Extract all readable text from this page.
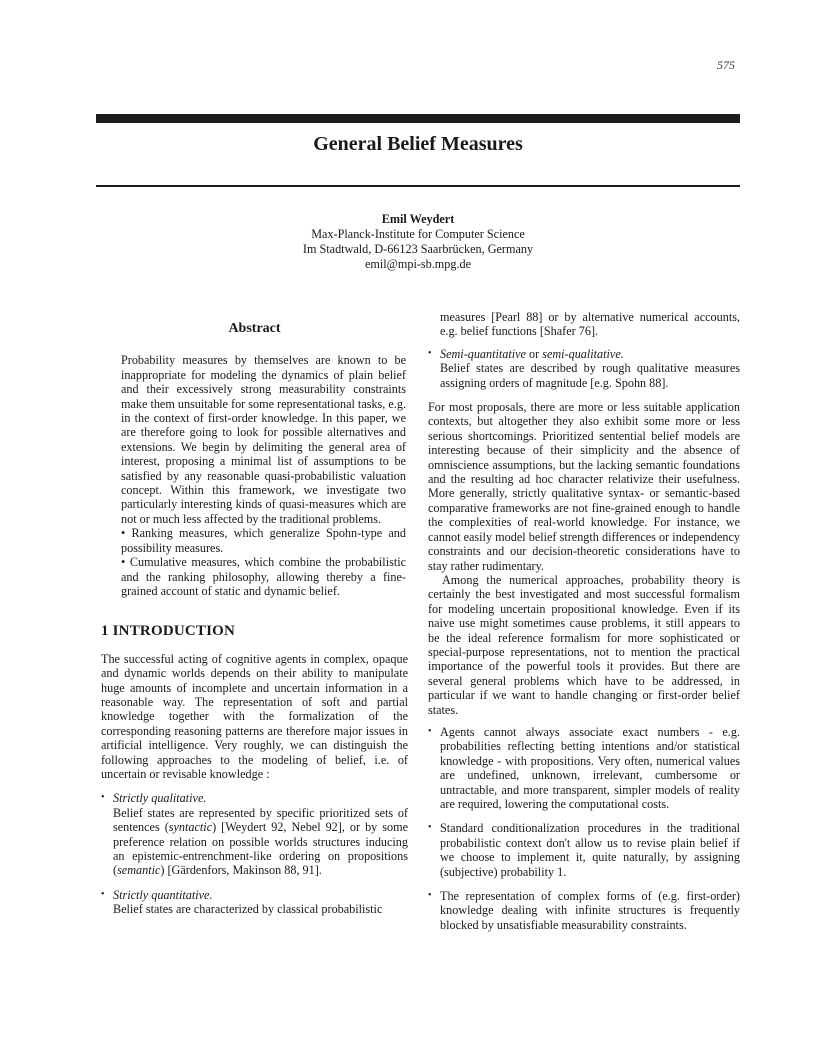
575
General Belief Measures
Emil Weydert
Max-Planck-Institute for Computer Science
Im Stadtwald, D-66123 Saarbrücken, Germany
emil@mpi-sb.mpg.de
Abstract

Probability measures by themselves are known to be inappropriate for modeling the dynamics of plain belief and their excessively strong measurability constraints make them unsuitable for some representational tasks, e.g. in the context of first-order knowledge. In this paper, we are therefore going to look for possible alternatives and extensions. We begin by delimiting the general area of interest, proposing a minimal list of assumptions to be satisfied by any reasonable quasi-probabilistic valuation concept. Within this framework, we investigate two particularly interesting kinds of quasi-measures which are not or much less affected by the traditional problems.

• Ranking measures, which generalize Spohn-type and possibility measures.

• Cumulative measures, which combine the probabilistic and the ranking philosophy, allowing thereby a fine-grained account of static and dynamic belief.

1 INTRODUCTION

The successful acting of cognitive agents in complex, opaque and dynamic worlds depends on their ability to manipulate huge amounts of incomplete and uncertain information in a reasonable way. The representation of soft and partial knowledge together with the formalization of the corresponding reasoning patterns are therefore major issues in artificial intelligence. Very roughly, we can distinguish the following approaches to the modeling of belief, i.e. of uncertain or revisable knowledge :

• Strictly qualitative.
Belief states are represented by specific prioritized sets of sentences (syntactic) [Weydert 92, Nebel 92], or by some preference relation on possible worlds structures inducing an epistemic-entrenchment-like ordering on propositions (semantic) [Gärdenfors, Makinson 88, 91].
• Strictly quantitative.
Belief states are characterized by classical probabilistic

measures [Pearl 88] or by alternative numerical accounts, e.g. belief functions [Shafer 76].

• Semi-quantitative or semi-qualitative.
Belief states are described by rough qualitative measures assigning orders of magnitude [e.g. Spohn 88].

For most proposals, there are more or less suitable application contexts, but altogether they also exhibit some more or less serious shortcomings. Prioritized sentential belief models are interesting because of their simplicity and the absence of omniscience assumptions, but the lacking semantic foundations and the resulting ad hoc character relativize their usefulness. More generally, strictly qualitative syntax- or semantic-based comparative frameworks are not fine-grained enough to handle the complexities of real-world knowledge. For instance, we cannot easily model belief strength differences or independency constraints and our decision-theoretic considerations have to stay rather rudimentary.

Among the numerical approaches, probability theory is certainly the best investigated and most successful formalism for modeling uncertain propositional knowledge. Even if its naive use might sometimes cause problems, it still appears to be the ideal reference formalism for more sophisticated or special-purpose representations, not to mention the practical importance of the powerful tools it provides. But there are several general problems which have to be addressed, in particular if we want to handle changing or first-order belief states.

• Agents cannot always associate exact numbers - e.g. probabilities reflecting betting intentions and/or statistical knowledge - with propositions. Very often, numerical values are undefined, unknown, irrelevant, cumbersome or untractable, and more transparent, simpler models of reality are required, lowering the computational costs.
• Standard conditionalization procedures in the traditional probabilistic context don't allow us to revise plain belief if we choose to implement it, quite naturally, by assigning (subjective) probability 1.
• The representation of complex forms of (e.g. first-order) knowledge dealing with infinite structures is frequently blocked by unsatisfiable measurability constraints.
